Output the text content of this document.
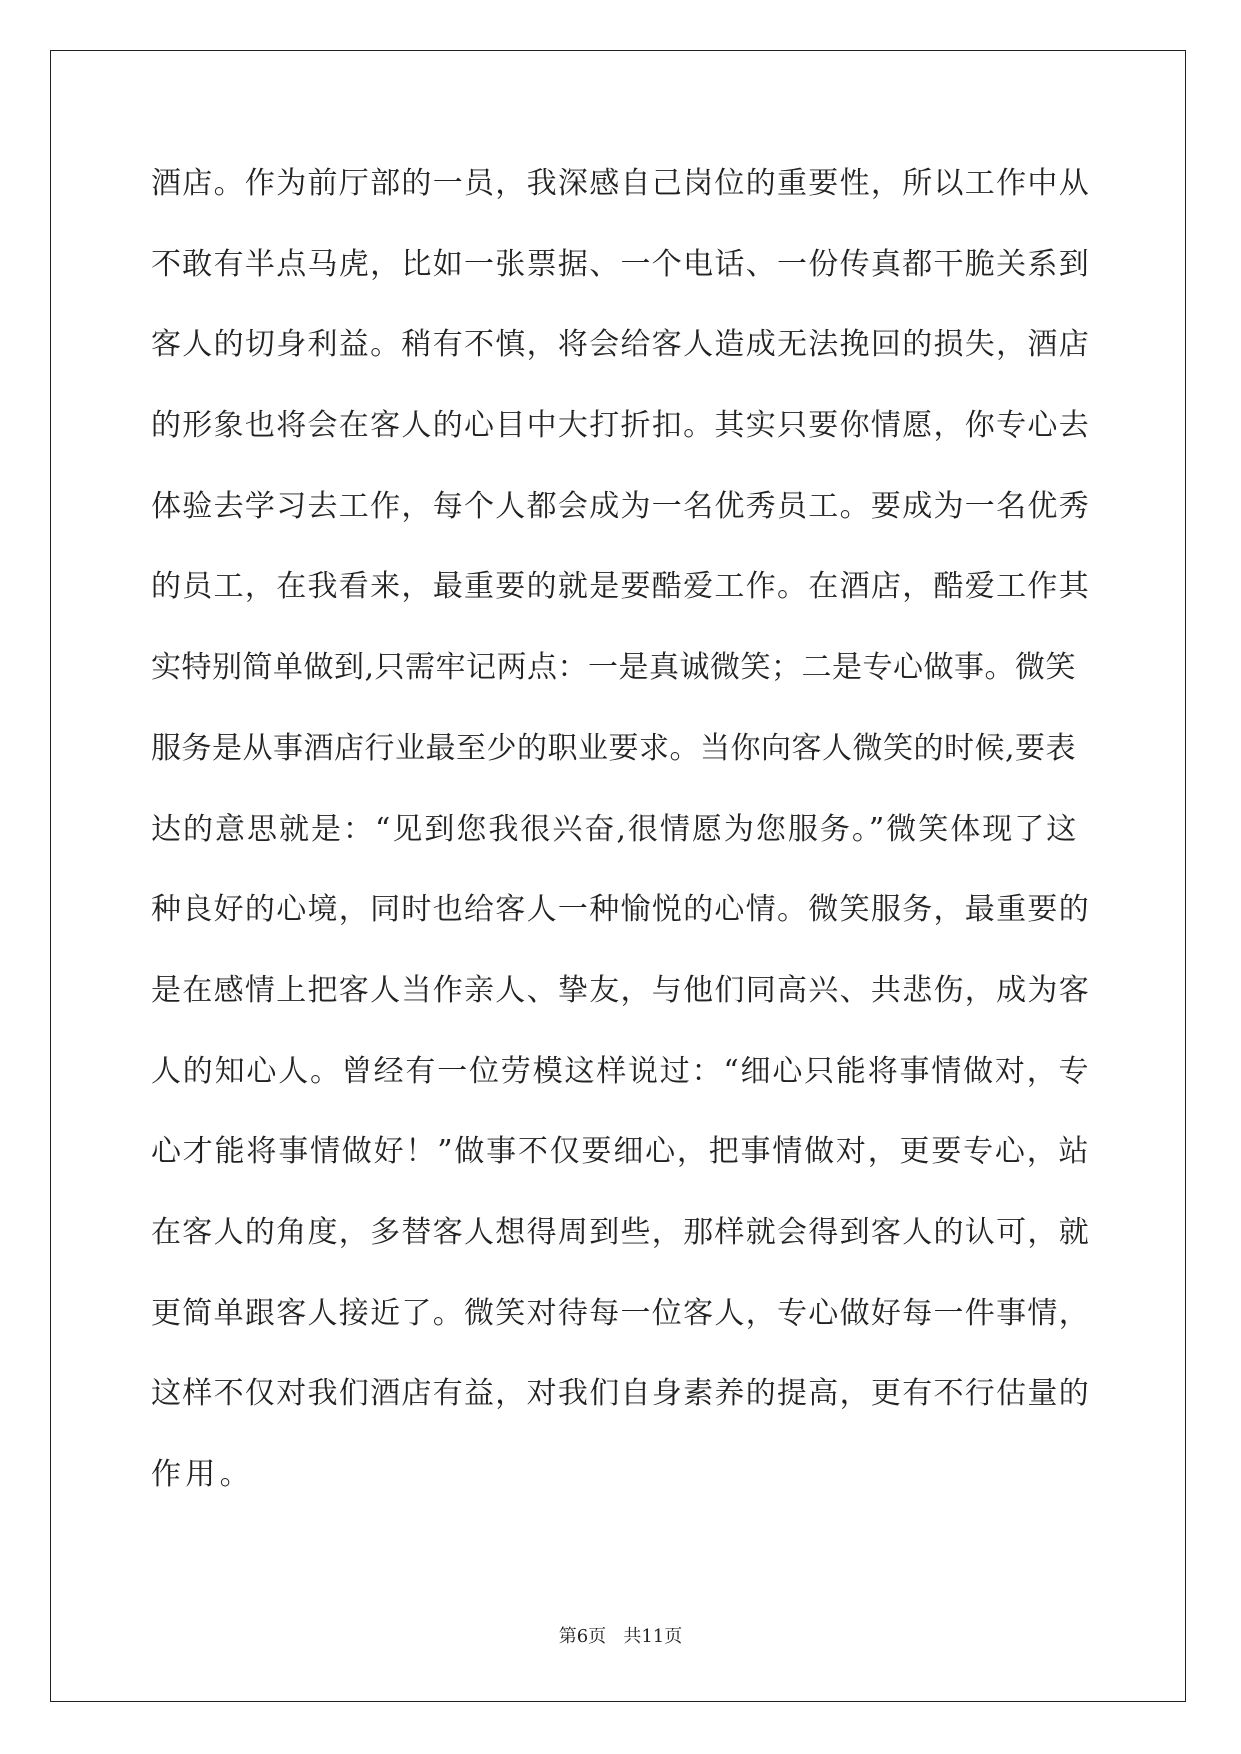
酒店。作为前厅部的一员，我深感自己岗位的重要性，所以工作中从
不敢有半点马虎，比如一张票据、一个电话、一份传真都干脆关系到
客人的切身利益。稍有不慎，将会给客人造成无法挽回的损失，酒店
的形象也将会在客人的心目中大打折扣。其实只要你情愿，你专心去
体验去学习去工作，每个人都会成为一名优秀员工。要成为一名优秀
的员工，在我看来，最重要的就是要酷爱工作。在酒店，酷爱工作其
实特别简单做到,只需牢记两点：一是真诚微笑；二是专心做事。微笑
服务是从事酒店行业最至少的职业要求。当你向客人微笑的时候,要表
达的意思就是：“见到您我很兴奋,很情愿为您服务。”微笑体现了这
种良好的心境，同时也给客人一种愉悦的心情。微笑服务，最重要的
是在感情上把客人当作亲人、挚友，与他们同高兴、共悲伤，成为客
人的知心人。曾经有一位劳模这样说过：“细心只能将事情做对，专
心才能将事情做好！”做事不仅要细心，把事情做对，更要专心，站
在客人的角度，多替客人想得周到些，那样就会得到客人的认可，就
更简单跟客人接近了。微笑对待每一位客人，专心做好每一件事情，
这样不仅对我们酒店有益，对我们自身素养的提高，更有不行估量的
作用。
第6页 共11页
